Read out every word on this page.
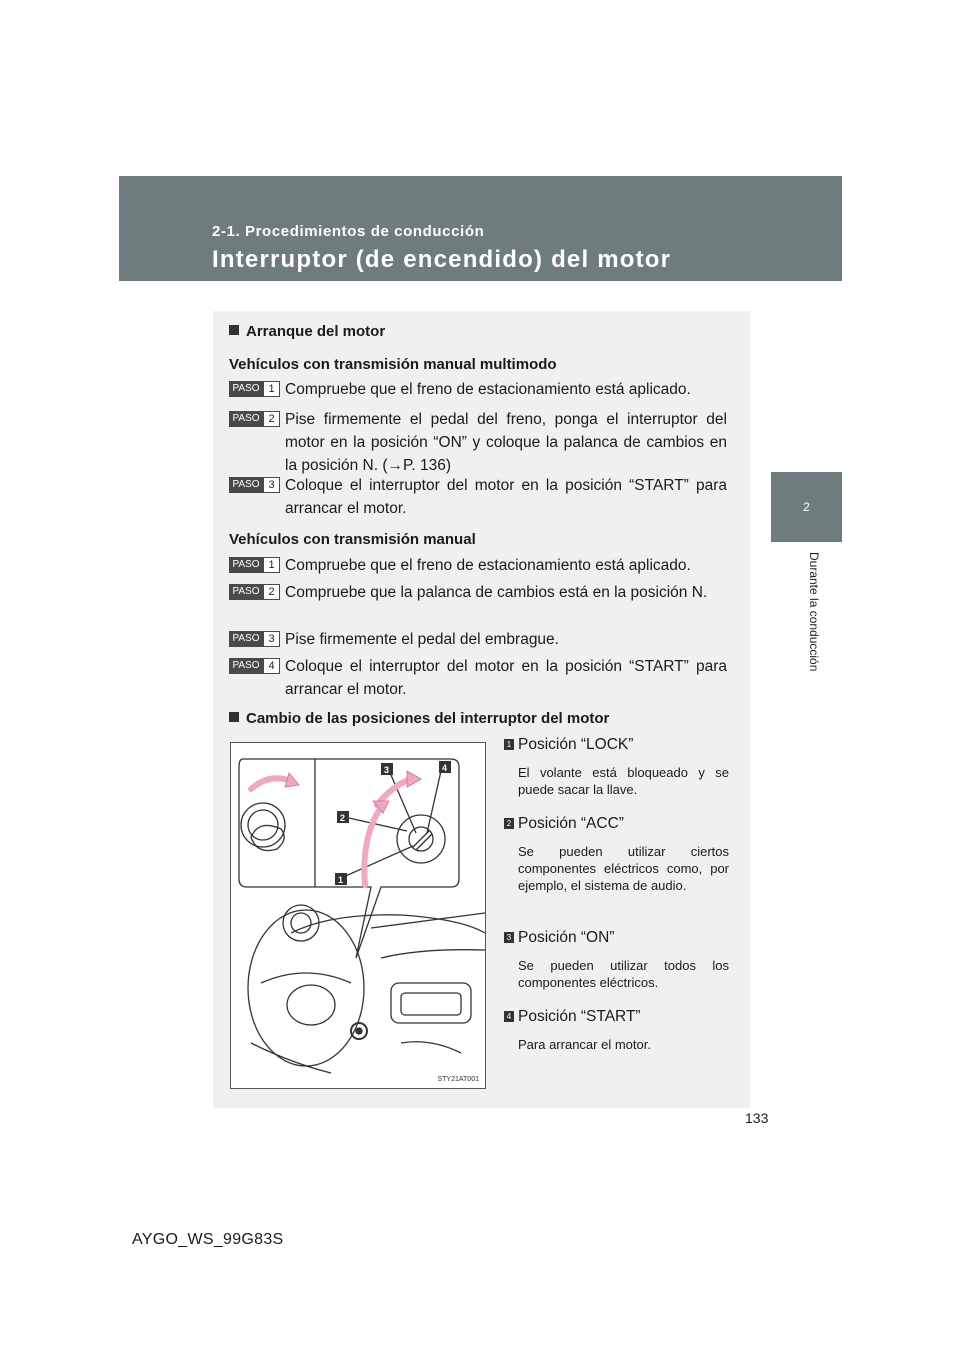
2-1. Procedimientos de conducción
Interruptor (de encendido) del motor
2
Durante la conducción
Arranque del motor
Vehículos con transmisión manual multimodo
PASO 1 Compruebe que el freno de estacionamiento está aplicado.
PASO 2 Pise firmemente el pedal del freno, ponga el interruptor del motor en la posición “ON” y coloque la palanca de cambios en la posición N. (→P. 136)
PASO 3 Coloque el interruptor del motor en la posición “START” para arrancar el motor.
Vehículos con transmisión manual
PASO 1 Compruebe que el freno de estacionamiento está aplicado.
PASO 2 Compruebe que la palanca de cambios está en la posición N.
PASO 3 Pise firmemente el pedal del embrague.
PASO 4 Coloque el interruptor del motor en la posición “START” para arrancar el motor.
Cambio de las posiciones del interruptor del motor
3	4
2
1
STY21AT001
1 Posición “LOCK”
El volante está bloqueado y se puede sacar la llave.
2 Posición “ACC”
Se pueden utilizar ciertos componentes eléctricos como, por ejemplo, el sistema de audio.
3 Posición “ON”
Se pueden utilizar todos los componentes eléctricos.
4 Posición “START”
Para arrancar el motor.
133
AYGO_WS_99G83S
